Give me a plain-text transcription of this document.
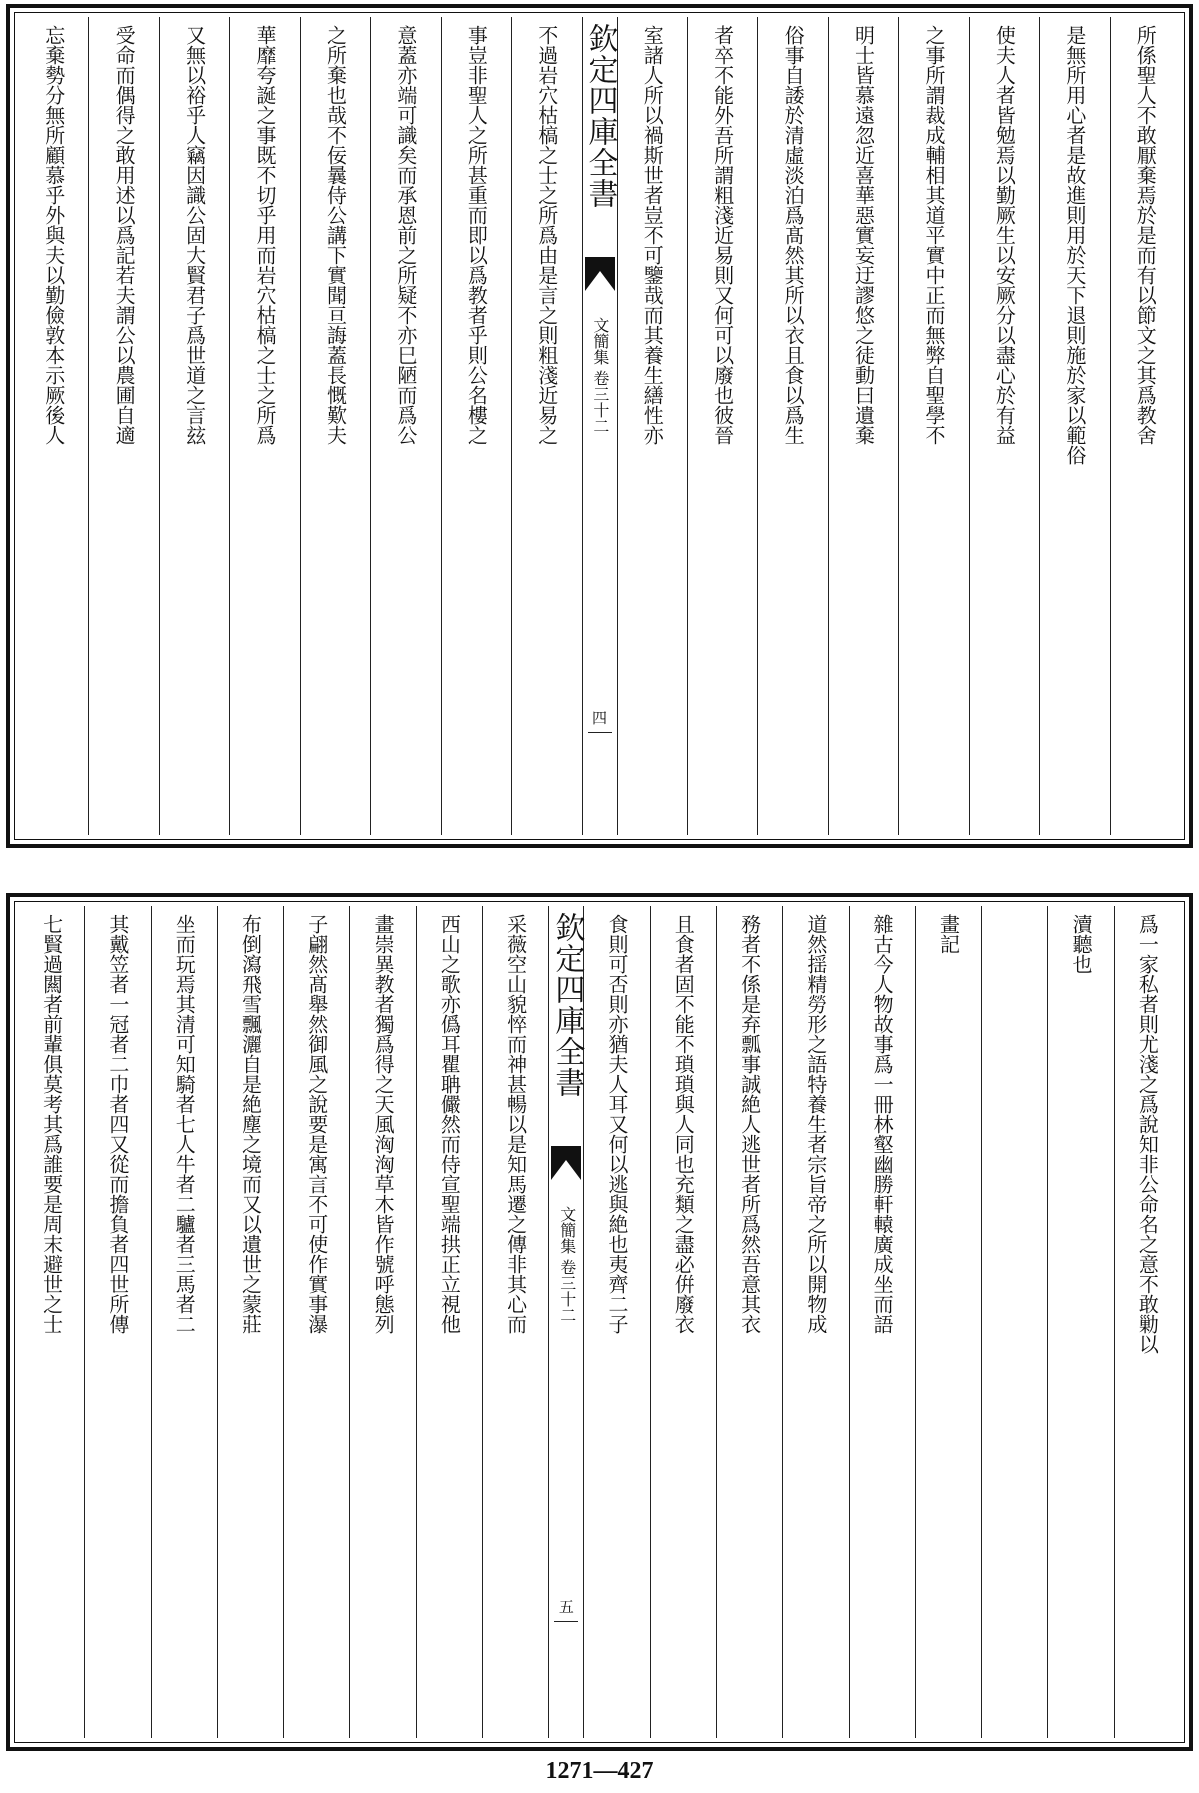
所係聖人不敢厭棄焉於是而有以節文之其爲教舍
是無所用心者是故進則用於天下退則施於家以範俗
使夫人者皆勉焉以勤厥生以安厥分以盡心於有益
之事所謂裁成輔相其道平實中正而無弊自聖學不
明士皆慕遠忽近喜華惡實妄迂謬悠之徒動曰遺棄
俗事自諉於清虛淡泊爲髙然其所以衣且食以爲生
者卒不能外吾所謂粗淺近易則又何可以廢也彼晉
室諸人所以禍斯世者豈不可鑒哉而其養生繕性亦
欽定四庫全書
文簡集 卷三十二
四
不過岩穴枯槁之士之所爲由是言之則粗淺近易之
事豈非聖人之所甚重而即以爲教者乎則公名樓之
意蓋亦端可識矣而承恩前之所疑不亦巳陋而爲公
之所棄也哉不佞曩侍公講下實聞亘誨蓋長慨歎夫
華靡夸誕之事既不切乎用而岩穴枯槁之士之所爲
又無以裕乎人竊因識公固大賢君子爲世道之言玆
受命而偶得之敢用述以爲記若夫謂公以農圃自適
忘棄勢分無所顧慕乎外與夫以勤儉敦本示厥後人
爲一家私者則尤淺之爲說知非公命名之意不敢勦以
瀆聽也
畫記
雜古今人物故事爲一冊林壑幽勝軒轅廣成坐而語
道然揺精勞形之語特養生者宗旨帝之所以開物成
務者不係是弃瓢事誠絶人逃世者所爲然吾意其衣
且食者固不能不瑣瑣與人同也充類之盡必倂廢衣
食則可否則亦猶夫人耳又何以逃與絶也夷齊二子
欽定四庫全書
文簡集 卷三十二
五
采薇空山貌悴而神甚暢以是知馬遷之傳非其心而
西山之歌亦僞耳瞿聃儼然而侍宣聖端拱正立視他
畫崇異教者獨爲得之天風洶洶草木皆作號呼態列
子翩然髙舉然御風之說要是寓言不可使作實事瀑
布倒瀉飛雪飄灑自是絶塵之境而又以遺世之蒙莊
坐而玩焉其清可知騎者七人牛者二驢者三馬者二
其戴笠者一冠者二巾者四又從而擔負者四世所傳
七賢過闗者前輩俱莫考其爲誰要是周末避世之士
1271—427
